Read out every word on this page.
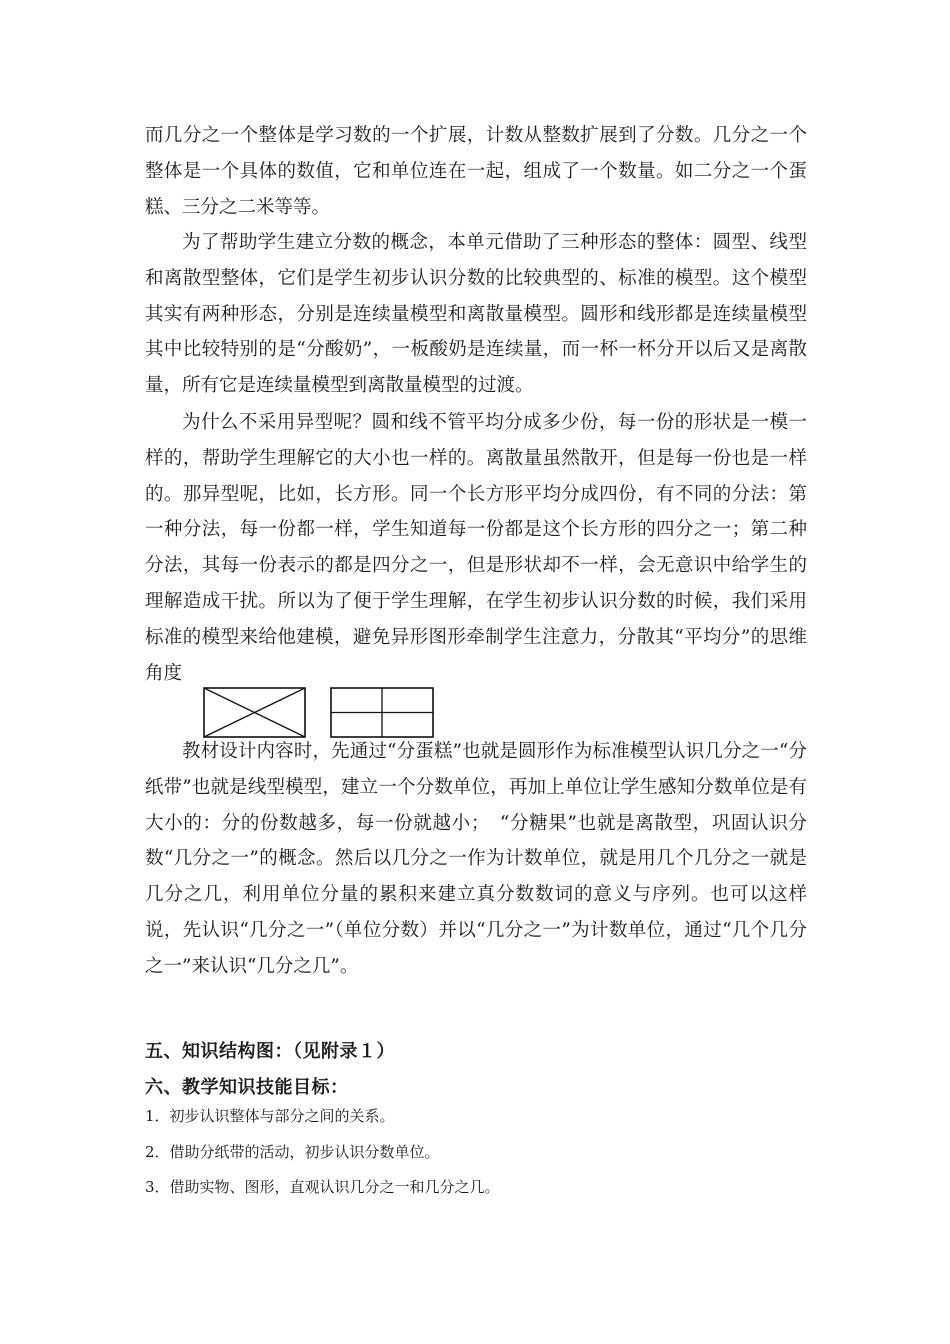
而几分之一个整体是学习数的一个扩展，计数从整数扩展到了分数。几分之一个整体是一个具体的数值，它和单位连在一起，组成了一个数量。如二分之一个蛋糕、三分之二米等等。

为了帮助学生建立分数的概念，本单元借助了三种形态的整体：圆型、线型和离散型整体，它们是学生初步认识分数的比较典型的、标准的模型。这个模型其实有两种形态，分别是连续量模型和离散量模型。圆形和线形都是连续量模型其中比较特别的是“分酸奶”，一板酸奶是连续量，而一杯一杯分开以后又是离散量，所有它是连续量模型到离散量模型的过渡。

为什么不采用异型呢？圆和线不管平均分成多少份，每一份的形状是一模一样的，帮助学生理解它的大小也一样的。离散量虽然散开，但是每一份也是一样的。那异型呢，比如，长方形。同一个长方形平均分成四份，有不同的分法：第一种分法，每一份都一样，学生知道每一份都是这个长方形的四分之一；第二种分法，其每一份表示的都是四分之一，但是形状却不一样，会无意识中给学生的理解造成干扰。所以为了便于学生理解，在学生初步认识分数的时候，我们采用标准的模型来给他建模，避免异形图形牵制学生注意力，分散其“平均分”的思维角度

教材设计内容时，先通过“分蛋糕”也就是圆形作为标准模型认识几分之一“分纸带”也就是线型模型，建立一个分数单位，再加上单位让学生感知分数单位是有大小的：分的份数越多，每一份就越小；　“分糖果”也就是离散型，巩固认识分数“几分之一”的概念。然后以几分之一作为计数单位，就是用几个几分之一就是几分之几，利用单位分量的累积来建立真分数数词的意义与序列。也可以这样说，先认识“几分之一”（单位分数）并以“几分之一”为计数单位，通过“几个几分之一”来认识“几分之几”。

五、知识结构图：（见附录１）
六、教学知识技能目标：

1．初步认识整体与部分之间的关系。

2．借助分纸带的活动，初步认识分数单位。

3．借助实物、图形，直观认识几分之一和几分之几。
